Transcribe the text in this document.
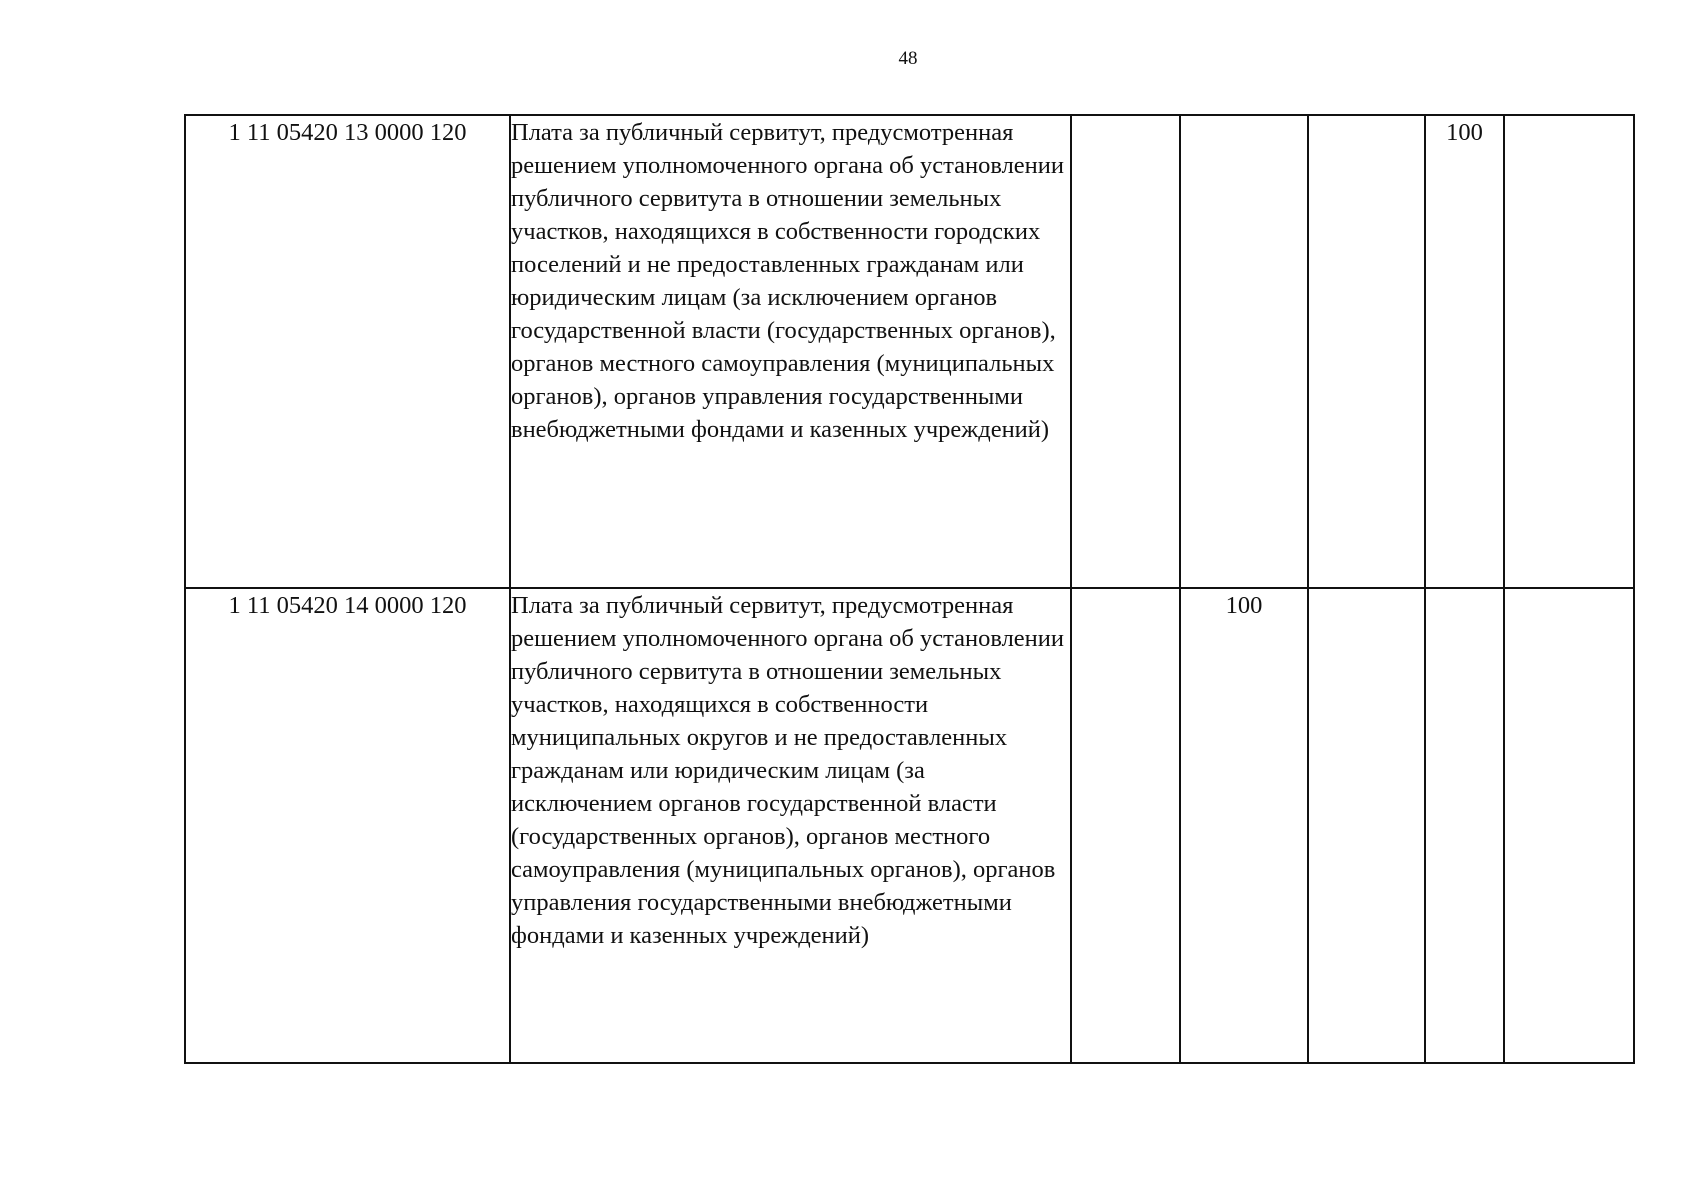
48
1 11 05420 13 0000 120	Плата за публичный сервитут, предусмотренная решением уполномоченного органа об установлении публичного сервитута в отношении земельных участков, находящихся в собственности городских поселений и не предоставленных гражданам или юридическим лицам (за исключением органов государственной власти (государственных органов), органов местного самоуправления (муниципальных органов), органов управления государственными внебюджетными фондами и казенных учреждений)				100	
1 11 05420 14 0000 120	Плата за публичный сервитут, предусмотренная решением уполномоченного органа об установлении публичного сервитута в отношении земельных участков, находящихся в собственности муниципальных округов и не предоставленных гражданам или юридическим лицам (за исключением органов государственной власти (государственных органов), органов местного самоуправления (муниципальных органов), органов управления государственными внебюджетными фондами и казенных учреждений)		100			
